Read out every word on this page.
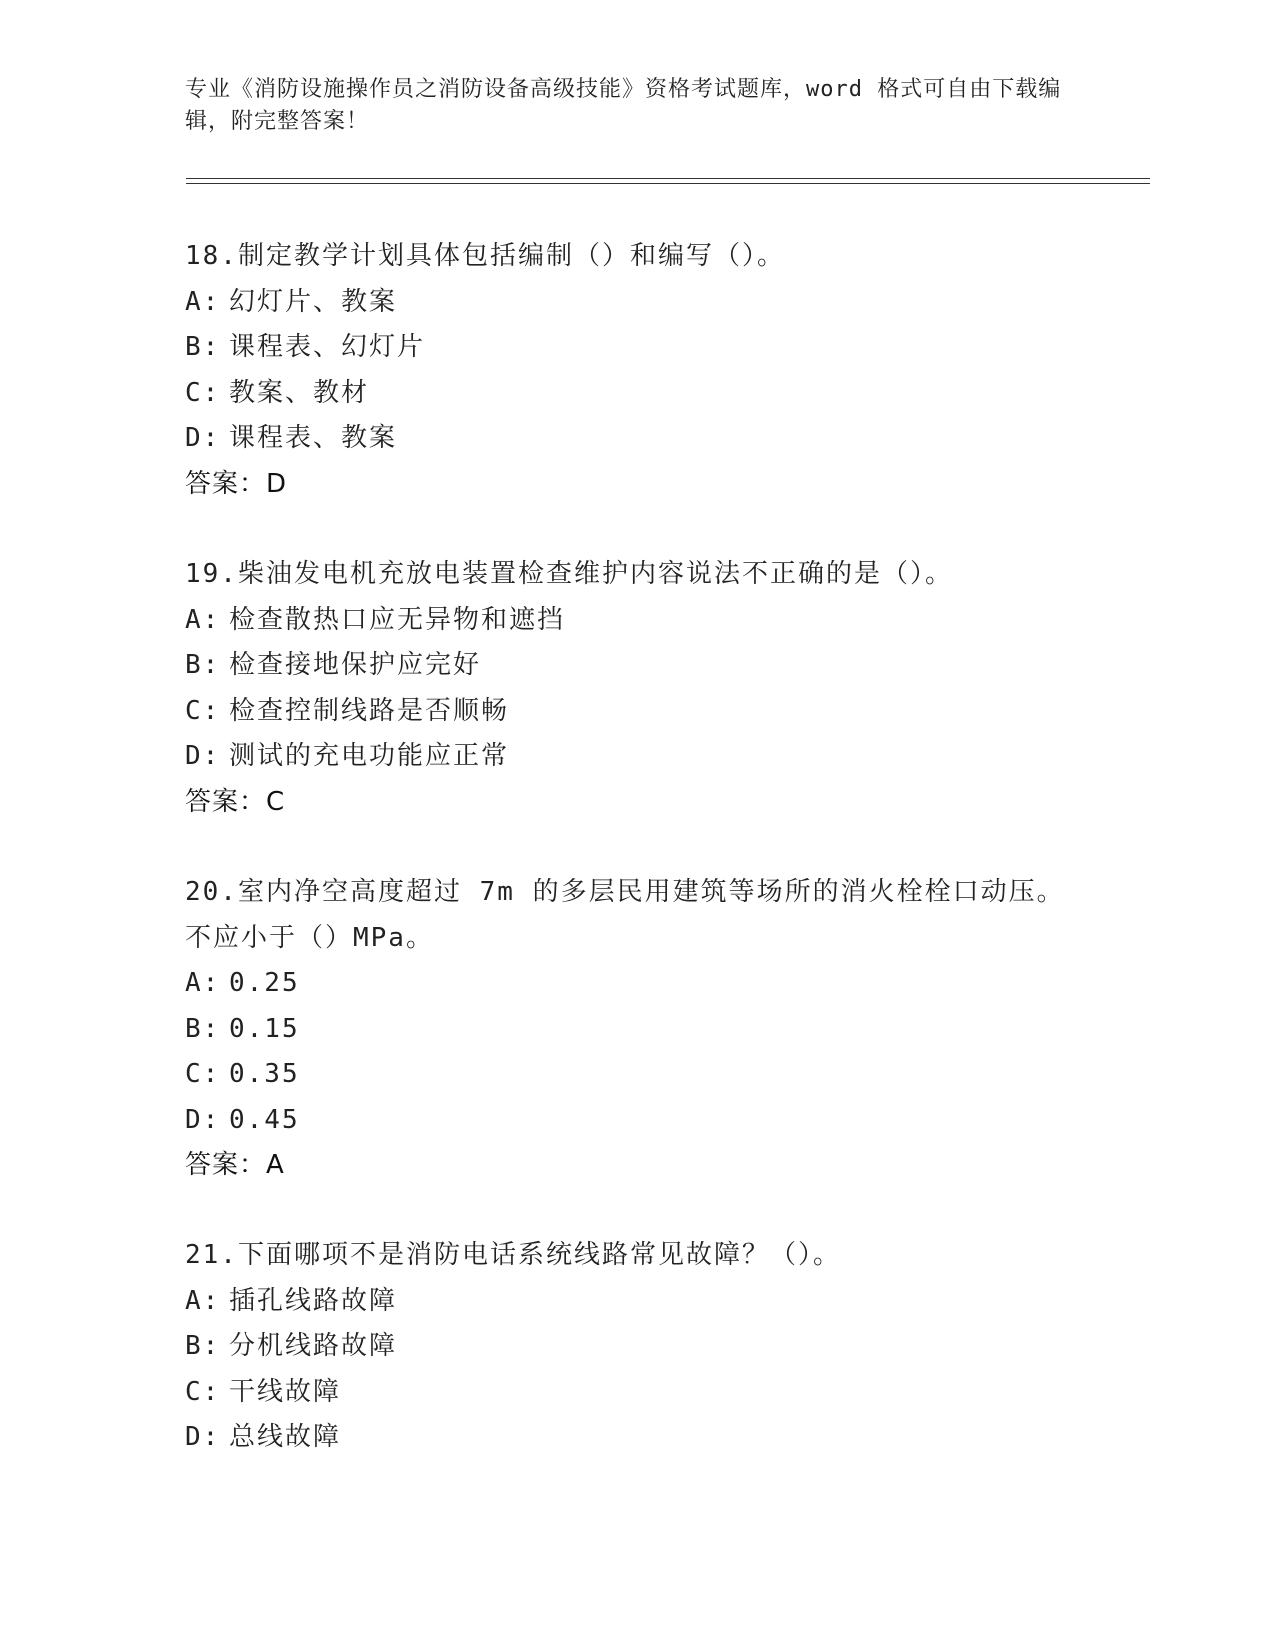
专业《消防设施操作员之消防设备高级技能》资格考试题库，word 格式可自由下载编辑，附完整答案！
18.制定教学计划具体包括编制（）和编写（）。
A: 幻灯片、教案
B: 课程表、幻灯片
C: 教案、教材
D: 课程表、教案
答案：D
19.柴油发电机充放电装置检查维护内容说法不正确的是（）。
A: 检查散热口应无异物和遮挡
B: 检查接地保护应完好
C: 检查控制线路是否顺畅
D: 测试的充电功能应正常
答案：C
20.室内净空高度超过 7m 的多层民用建筑等场所的消火栓栓口动压。
不应小于（）MPa。
A: 0.25
B: 0.15
C: 0.35
D: 0.45
答案：A
21.下面哪项不是消防电话系统线路常见故障？（）。
A: 插孔线路故障
B: 分机线路故障
C: 干线故障
D: 总线故障
